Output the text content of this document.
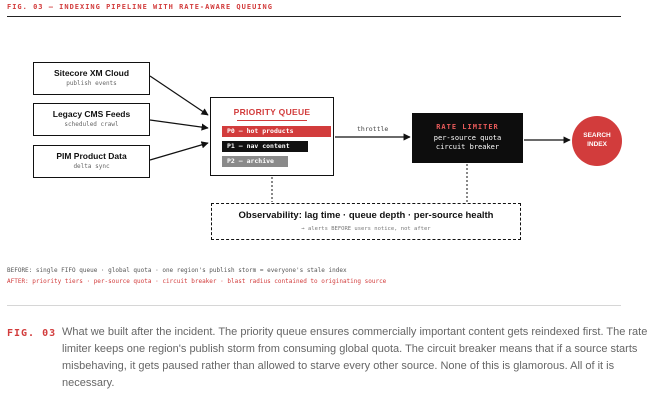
FIG. 03 — INDEXING PIPELINE WITH RATE-AWARE QUEUING
Sitecore XM Cloud
publish events
Legacy CMS Feeds
scheduled crawl
PIM Product Data
delta sync
PRIORITY QUEUE
P0 — hot products
P1 — nav content
P2 — archive
throttle	RATE LIMITER
per-source quota
circuit breaker
SEARCH
INDEX
Observability: lag time · queue depth · per-source health
→ alerts BEFORE users notice, not after
BEFORE: single FIFO queue · global quota · one region's publish storm = everyone's stale index
AFTER: priority tiers · per-source quota · circuit breaker · blast radius contained to originating source
FIG. 03 What we built after the incident. The priority queue ensures commercially important content gets reindexed first. The rate limiter keeps one region's publish storm from consuming global quota. The circuit breaker means that if a source starts misbehaving, it gets paused rather than allowed to starve every other source. None of this is glamorous. All of it is necessary.
